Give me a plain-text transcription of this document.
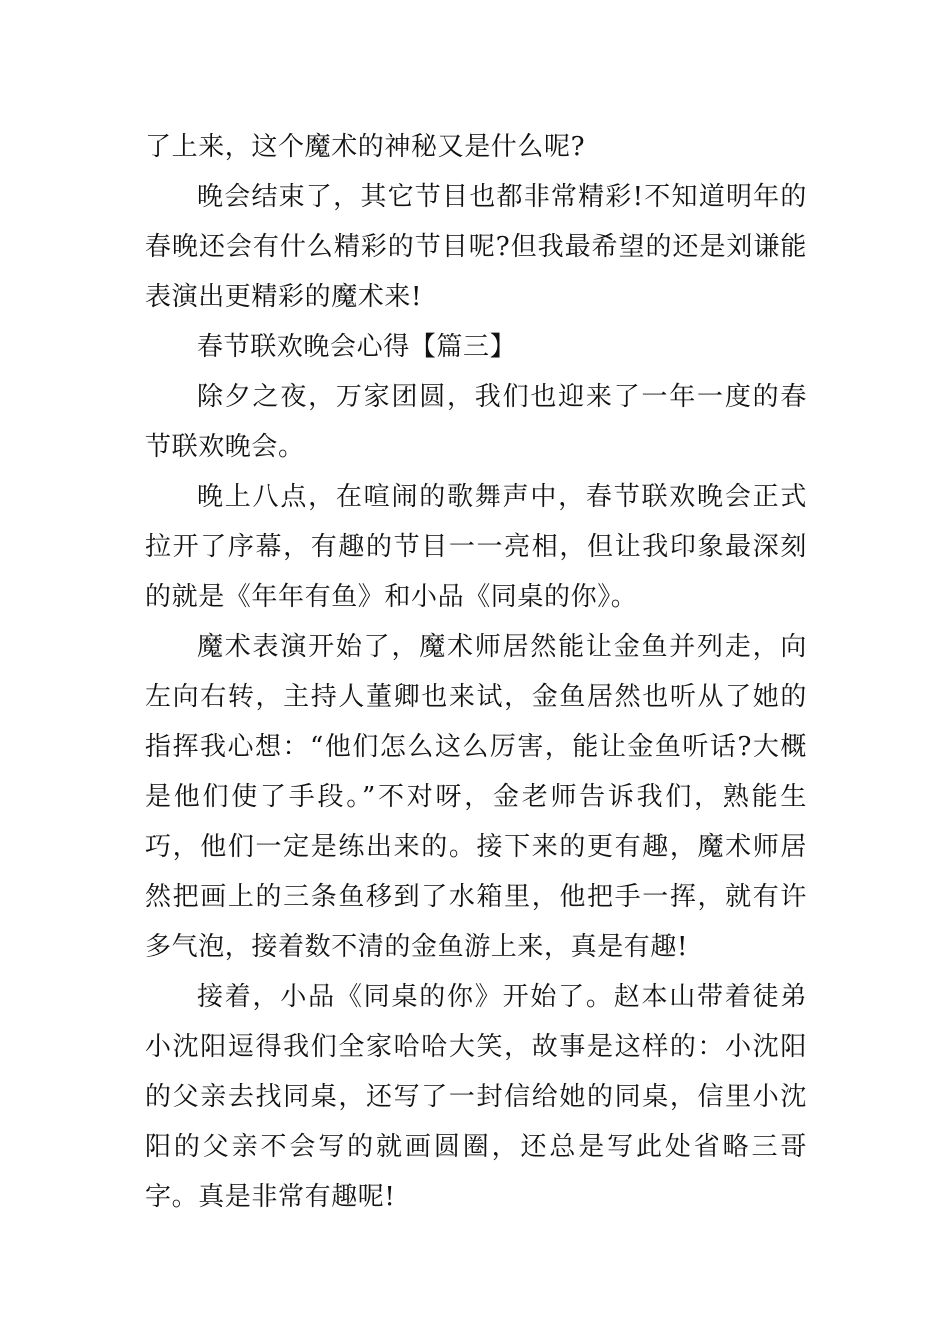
了上来，这个魔术的神秘又是什么呢?

晚会结束了，其它节目也都非常精彩!不知道明年的春晚还会有什么精彩的节目呢?但我最希望的还是刘谦能表演出更精彩的魔术来!

春节联欢晚会心得【篇三】

除夕之夜，万家团圆，我们也迎来了一年一度的春节联欢晚会。

晚上八点，在喧闹的歌舞声中，春节联欢晚会正式拉开了序幕，有趣的节目一一亮相，但让我印象最深刻的就是《年年有鱼》和小品《同桌的你》。

魔术表演开始了，魔术师居然能让金鱼并列走，向左向右转，主持人董卿也来试，金鱼居然也听从了她的指挥我心想：“他们怎么这么厉害，能让金鱼听话?大概是他们使了手段。”不对呀，金老师告诉我们，熟能生巧，他们一定是练出来的。接下来的更有趣，魔术师居然把画上的三条鱼移到了水箱里，他把手一挥，就有许多气泡，接着数不清的金鱼游上来，真是有趣!

接着，小品《同桌的你》开始了。赵本山带着徒弟小沈阳逗得我们全家哈哈大笑，故事是这样的：小沈阳的父亲去找同桌，还写了一封信给她的同桌，信里小沈阳的父亲不会写的就画圆圈，还总是写此处省略三哥字。真是非常有趣呢!
